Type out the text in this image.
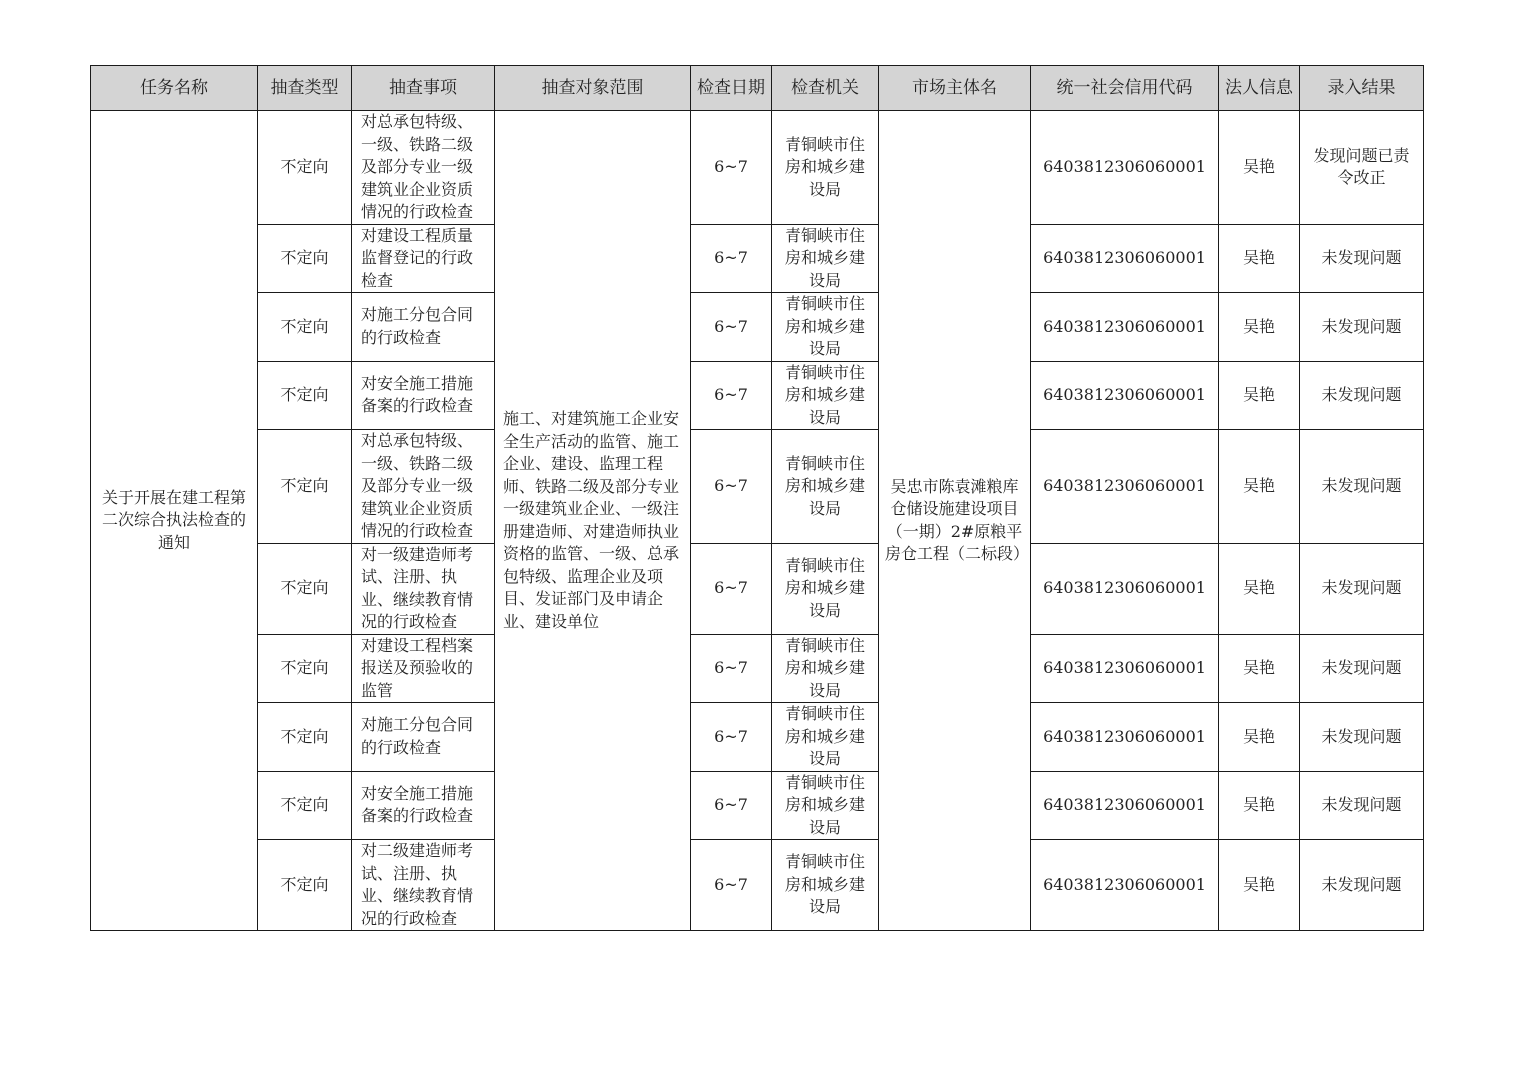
任务名称	抽查类型	抽查事项	抽查对象范围	检查日期	检查机关	市场主体名	统一社会信用代码	法人信息	录入结果
关于开展在建工程第二次综合执法检查的通知	不定向	对总承包特级、一级、铁路二级及部分专业一级建筑业企业资质情况的行政检查	施工、对建筑施工企业安全生产活动的监管、施工企业、建设、监理工程师、铁路二级及部分专业一级建筑业企业、一级注册建造师、对建造师执业资格的监管、一级、总承包特级、监理企业及项目、发证部门及申请企业、建设单位	6~7	青铜峡市住房和城乡建设局	吴忠市陈袁滩粮库仓储设施建设项目（一期）2#原粮平房仓工程（二标段）	6403812306060001	吴艳	发现问题已责令改正
	不定向	对建设工程质量监督登记的行政检查		6~7	青铜峡市住房和城乡建设局		6403812306060001	吴艳	未发现问题
	不定向	对施工分包合同的行政检查		6~7	青铜峡市住房和城乡建设局		6403812306060001	吴艳	未发现问题
	不定向	对安全施工措施备案的行政检查		6~7	青铜峡市住房和城乡建设局		6403812306060001	吴艳	未发现问题
	不定向	对总承包特级、一级、铁路二级及部分专业一级建筑业企业资质情况的行政检查		6~7	青铜峡市住房和城乡建设局		6403812306060001	吴艳	未发现问题
	不定向	对一级建造师考试、注册、执业、继续教育情况的行政检查		6~7	青铜峡市住房和城乡建设局		6403812306060001	吴艳	未发现问题
	不定向	对建设工程档案报送及预验收的监管		6~7	青铜峡市住房和城乡建设局		6403812306060001	吴艳	未发现问题
	不定向	对施工分包合同的行政检查		6~7	青铜峡市住房和城乡建设局		6403812306060001	吴艳	未发现问题
	不定向	对安全施工措施备案的行政检查		6~7	青铜峡市住房和城乡建设局		6403812306060001	吴艳	未发现问题
	不定向	对二级建造师考试、注册、执业、继续教育情况的行政检查		6~7	青铜峡市住房和城乡建设局		6403812306060001	吴艳	未发现问题
